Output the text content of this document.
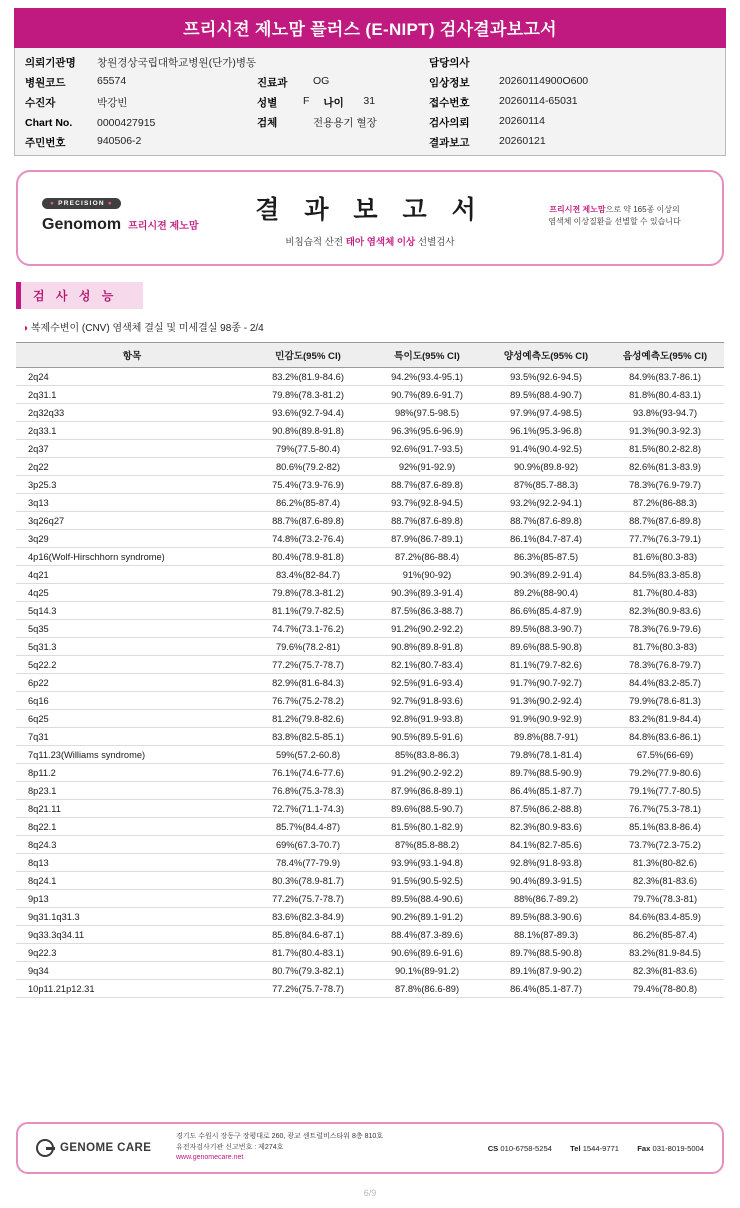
프리시젼 제노맘 플러스 (E-NIPT) 검사결과보고서
의뢰기관명	창원경상국립대학교병원(단가)병동	담당의사
병원코드	65574	진료과	OG	임상정보	20260114900O600
수진자	박강빈	성별	F 나이	31	접수번호	20260114-65031
Chart No.	0000427915	검체	전용용기 혈장	검사의뢰	20260114
주민번호	940506-2	결과보고	20260121
● PRECISION ●
Genomom 프리시젼 제노맘
결 과 보 고 서
비침습적 산전 태아 염색체 이상 선별검사
프리시젼 제노맘으로 약 165종 이상의
염색체 이상질환을 선별할 수 있습니다
검 사 성 능
◑ 복제수변이 (CNV) 염색체 결실 및 미세결실 98종 - 2/4
항목	민감도(95% CI)	특이도(95% CI)	양성예측도(95% CI)	음성예측도(95% CI)
2q24	83.2%(81.9-84.6)	94.2%(93.4-95.1)	93.5%(92.6-94.5)	84.9%(83.7-86.1)
2q31.1	79.8%(78.3-81.2)	90.7%(89.6-91.7)	89.5%(88.4-90.7)	81.8%(80.4-83.1)
2q32q33	93.6%(92.7-94.4)	98%(97.5-98.5)	97.9%(97.4-98.5)	93.8%(93-94.7)
2q33.1	90.8%(89.8-91.8)	96.3%(95.6-96.9)	96.1%(95.3-96.8)	91.3%(90.3-92.3)
2q37	79%(77.5-80.4)	92.6%(91.7-93.5)	91.4%(90.4-92.5)	81.5%(80.2-82.8)
2q22	80.6%(79.2-82)	92%(91-92.9)	90.9%(89.8-92)	82.6%(81.3-83.9)
3p25.3	75.4%(73.9-76.9)	88.7%(87.6-89.8)	87%(85.7-88.3)	78.3%(76.9-79.7)
3q13	86.2%(85-87.4)	93.7%(92.8-94.5)	93.2%(92.2-94.1)	87.2%(86-88.3)
3q26q27	88.7%(87.6-89.8)	88.7%(87.6-89.8)	88.7%(87.6-89.8)	88.7%(87.6-89.8)
3q29	74.8%(73.2-76.4)	87.9%(86.7-89.1)	86.1%(84.7-87.4)	77.7%(76.3-79.1)
4p16(Wolf-Hirschhorn syndrome)	80.4%(78.9-81.8)	87.2%(86-88.4)	86.3%(85-87.5)	81.6%(80.3-83)
4q21	83.4%(82-84.7)	91%(90-92)	90.3%(89.2-91.4)	84.5%(83.3-85.8)
4q25	79.8%(78.3-81.2)	90.3%(89.3-91.4)	89.2%(88-90.4)	81.7%(80.4-83)
5q14.3	81.1%(79.7-82.5)	87.5%(86.3-88.7)	86.6%(85.4-87.9)	82.3%(80.9-83.6)
5q35	74.7%(73.1-76.2)	91.2%(90.2-92.2)	89.5%(88.3-90.7)	78.3%(76.9-79.6)
5q31.3	79.6%(78.2-81)	90.8%(89.8-91.8)	89.6%(88.5-90.8)	81.7%(80.3-83)
5q22.2	77.2%(75.7-78.7)	82.1%(80.7-83.4)	81.1%(79.7-82.6)	78.3%(76.8-79.7)
6p22	82.9%(81.6-84.3)	92.5%(91.6-93.4)	91.7%(90.7-92.7)	84.4%(83.2-85.7)
6q16	76.7%(75.2-78.2)	92.7%(91.8-93.6)	91.3%(90.2-92.4)	79.9%(78.6-81.3)
6q25	81.2%(79.8-82.6)	92.8%(91.9-93.8)	91.9%(90.9-92.9)	83.2%(81.9-84.4)
7q31	83.8%(82.5-85.1)	90.5%(89.5-91.6)	89.8%(88.7-91)	84.8%(83.6-86.1)
7q11.23(Williams syndrome)	59%(57.2-60.8)	85%(83.8-86.3)	79.8%(78.1-81.4)	67.5%(66-69)
8p11.2	76.1%(74.6-77.6)	91.2%(90.2-92.2)	89.7%(88.5-90.9)	79.2%(77.9-80.6)
8p23.1	76.8%(75.3-78.3)	87.9%(86.8-89.1)	86.4%(85.1-87.7)	79.1%(77.7-80.5)
8q21.11	72.7%(71.1-74.3)	89.6%(88.5-90.7)	87.5%(86.2-88.8)	76.7%(75.3-78.1)
8q22.1	85.7%(84.4-87)	81.5%(80.1-82.9)	82.3%(80.9-83.6)	85.1%(83.8-86.4)
8q24.3	69%(67.3-70.7)	87%(85.8-88.2)	84.1%(82.7-85.6)	73.7%(72.3-75.2)
8q13	78.4%(77-79.9)	93.9%(93.1-94.8)	92.8%(91.8-93.8)	81.3%(80-82.6)
8q24.1	80.3%(78.9-81.7)	91.5%(90.5-92.5)	90.4%(89.3-91.5)	82.3%(81-83.6)
9p13	77.2%(75.7-78.7)	89.5%(88.4-90.6)	88%(86.7-89.2)	79.7%(78.3-81)
9q31.1q31.3	83.6%(82.3-84.9)	90.2%(89.1-91.2)	89.5%(88.3-90.6)	84.6%(83.4-85.9)
9q33.3q34.11	85.8%(84.6-87.1)	88.4%(87.3-89.6)	88.1%(87-89.3)	86.2%(85-87.4)
9q22.3	81.7%(80.4-83.1)	90.6%(89.6-91.6)	89.7%(88.5-90.8)	83.2%(81.9-84.5)
9q34	80.7%(79.3-82.1)	90.1%(89-91.2)	89.1%(87.9-90.2)	82.3%(81-83.6)
10p11.21p12.31	77.2%(75.7-78.7)	87.8%(86.6-89)	86.4%(85.1-87.7)	79.4%(78-80.8)
GENOME CARE
경기도 수원시 장동구 장평대로 260, 광교 센트럴비스타워 8층 810호
유전자검사기관 신고번호 : 제274호
www.genomecare.net
CS 010-6758-5254 Tel 1544-9771 Fax 031-8019-5004
6/9
